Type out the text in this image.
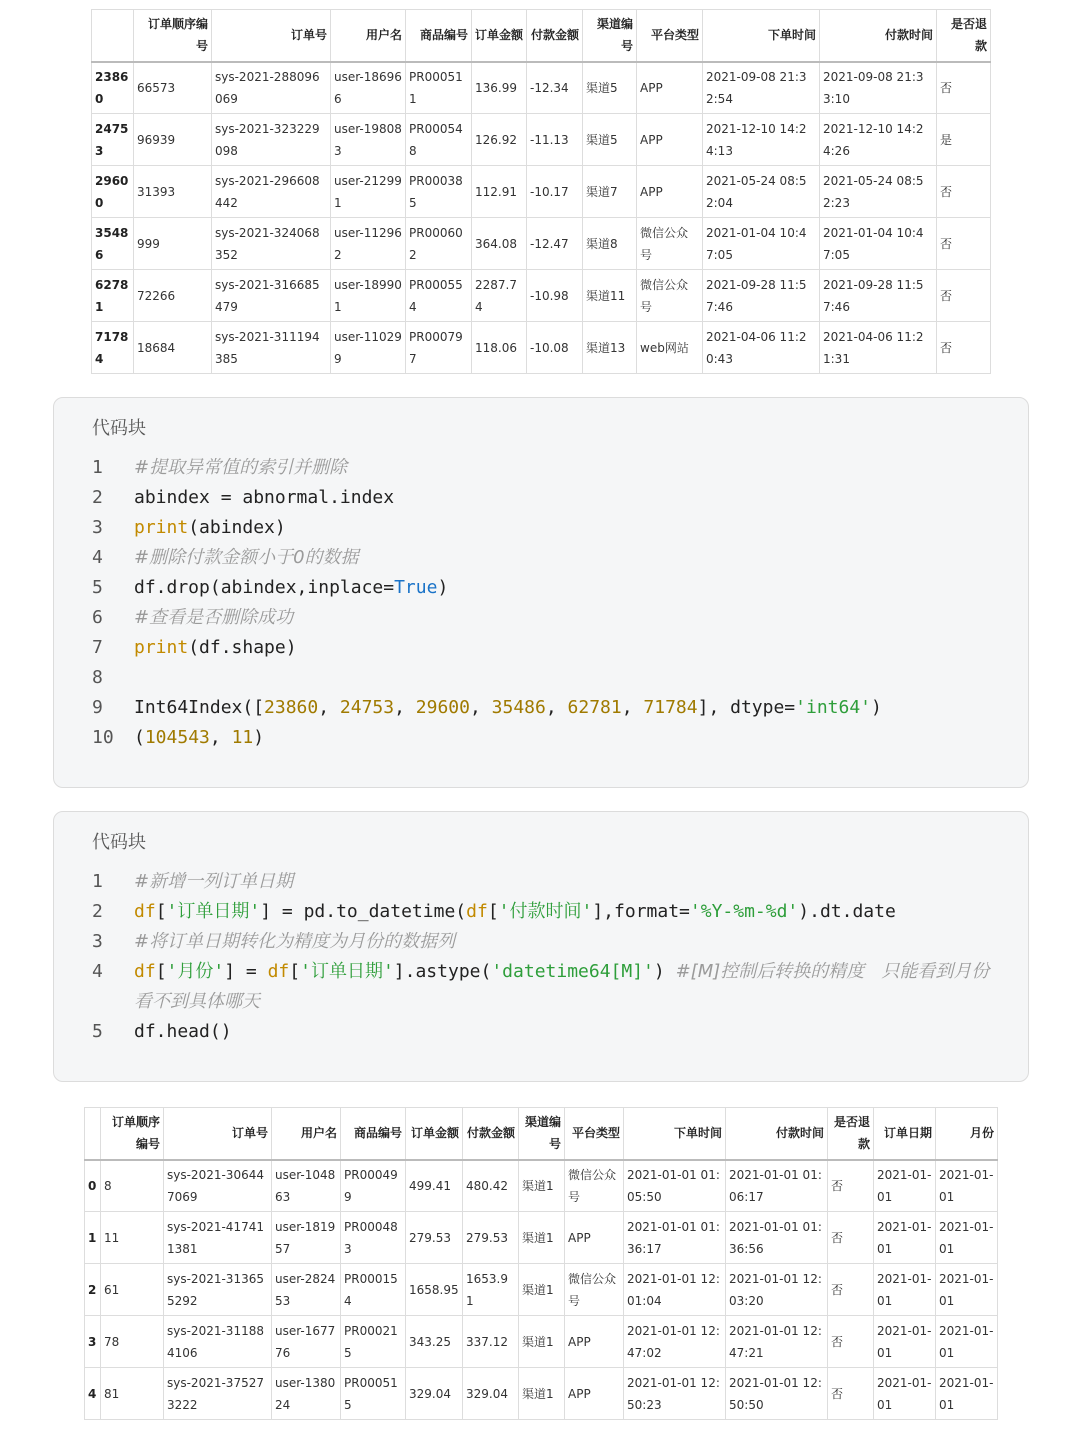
	订单顺序编号	订单号	用户名	商品编号	订单金额	付款金额	渠道编号	平台类型	下单时间	付款时间	是否退款
23860	66573	sys-2021-288096069	user-186966	PR000511	136.99	-12.34	渠道5	APP	2021-09-08 21:32:54	2021-09-08 21:33:10	否
24753	96939	sys-2021-323229098	user-198083	PR000548	126.92	-11.13	渠道5	APP	2021-12-10 14:24:13	2021-12-10 14:24:26	是
29600	31393	sys-2021-296608442	user-212991	PR000385	112.91	-10.17	渠道7	APP	2021-05-24 08:52:04	2021-05-24 08:52:23	否
35486	999	sys-2021-324068352	user-112962	PR000602	364.08	-12.47	渠道8	微信公众号	2021-01-04 10:47:05	2021-01-04 10:47:05	否
62781	72266	sys-2021-316685479	user-189901	PR000554	2287.74	-10.98	渠道11	微信公众号	2021-09-28 11:57:46	2021-09-28 11:57:46	否
71784	18684	sys-2021-311194385	user-110299	PR000797	118.06	-10.08	渠道13	web网站	2021-04-06 11:20:43	2021-04-06 11:21:31	否
代码块
1	#提取异常值的索引并删除
2	abindex = abnormal.index
3	print(abindex)
4	#删除付款金额小于0的数据
5	df.drop(abindex,inplace=True)
6	#查看是否删除成功
7	print(df.shape)
8
9	Int64Index([23860, 24753, 29600, 35486, 62781, 71784], dtype='int64')
10 (104543, 11)
代码块
1	#新增一列订单日期
2	df['订单日期'] = pd.to_datetime(df['付款时间'],format='%Y-%m-%d').dt.date
3	#将订单日期转化为精度为月份的数据列
4	df['月份'] = df['订单日期'].astype('datetime64[M]') #[M]控制后转换的精度   只能看到月份 看不到具体哪天
5	df.head()
	订单顺序编号	订单号	用户名	商品编号	订单金额	付款金额	渠道编号	平台类型	下单时间	付款时间	是否退款	订单日期	月份
0	8	sys-2021-306447069	user-104863	PR000499	499.41	480.42	渠道1	微信公众号	2021-01-01 01:05:50	2021-01-01 01:06:17	否	2021-01-01	2021-01-01
1	11	sys-2021-417411381	user-181957	PR000483	279.53	279.53	渠道1	APP	2021-01-01 01:36:17	2021-01-01 01:36:56	否	2021-01-01	2021-01-01
2	61	sys-2021-313655292	user-282453	PR000154	1658.95	1653.91	渠道1	微信公众号	2021-01-01 12:01:04	2021-01-01 12:03:20	否	2021-01-01	2021-01-01
3	78	sys-2021-311884106	user-167776	PR000215	343.25	337.12	渠道1	APP	2021-01-01 12:47:02	2021-01-01 12:47:21	否	2021-01-01	2021-01-01
4	81	sys-2021-375273222	user-138024	PR000515	329.04	329.04	渠道1	APP	2021-01-01 12:50:23	2021-01-01 12:50:50	否	2021-01-01	2021-01-01
